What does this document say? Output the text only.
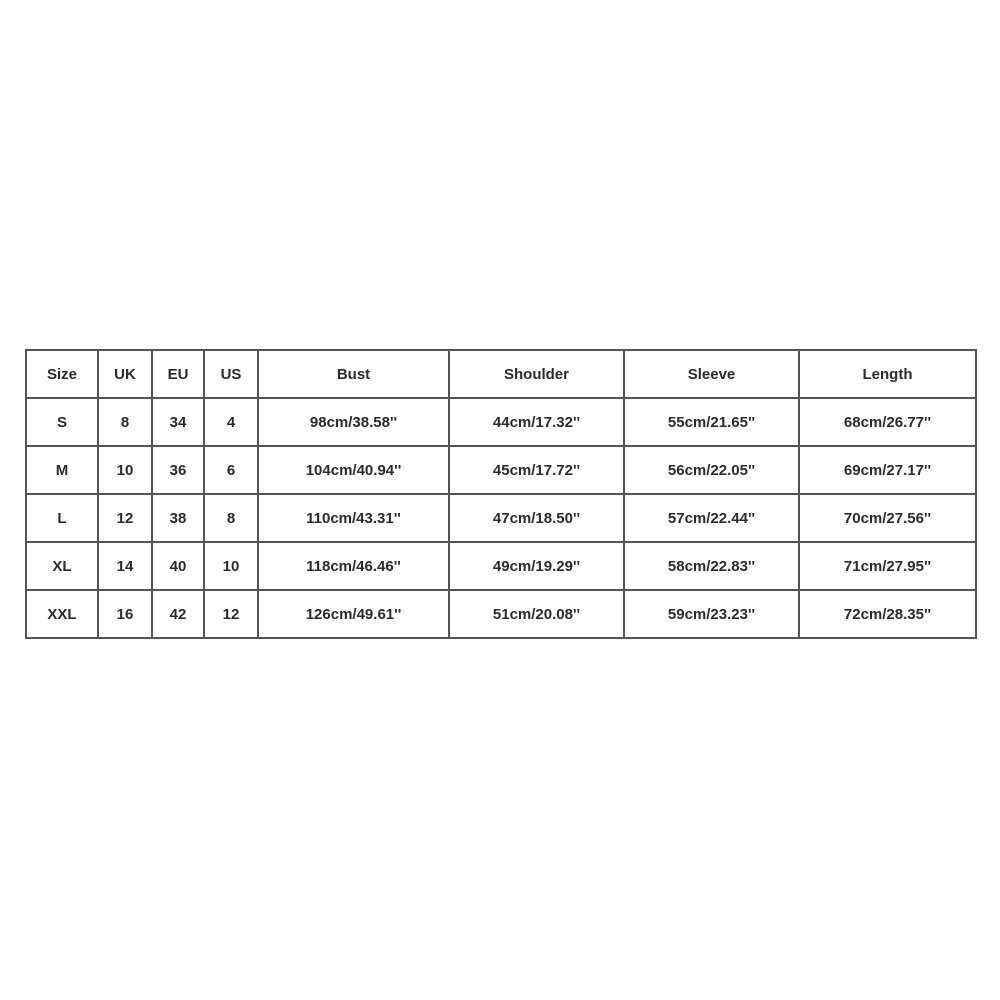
Size	UK	EU	US	Bust	Shoulder	Sleeve	Length
S	8	34	4	98cm/38.58''	44cm/17.32''	55cm/21.65''	68cm/26.77''
M	10	36	6	104cm/40.94''	45cm/17.72''	56cm/22.05''	69cm/27.17''
L	12	38	8	110cm/43.31''	47cm/18.50''	57cm/22.44''	70cm/27.56''
XL	14	40	10	118cm/46.46''	49cm/19.29''	58cm/22.83''	71cm/27.95''
XXL	16	42	12	126cm/49.61''	51cm/20.08''	59cm/23.23''	72cm/28.35''
